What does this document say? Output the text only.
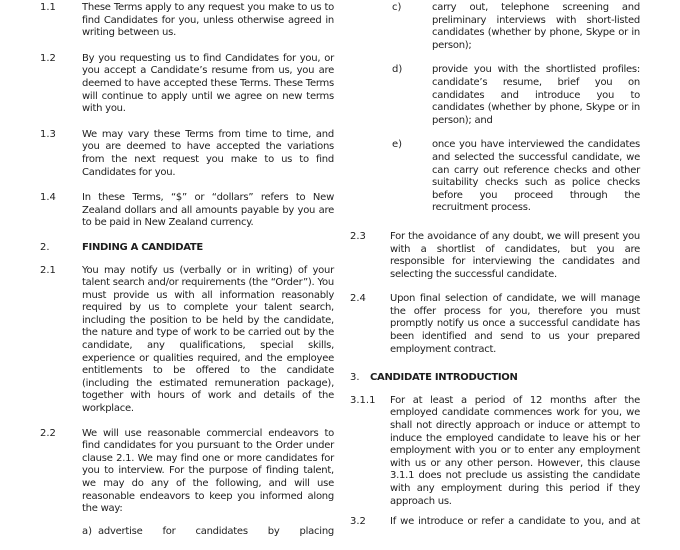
1.1	These Terms apply to any request you make to us to find Candidates for you, unless otherwise agreed in writing between us.
1.2	By you requesting us to find Candidates for you, or you accept a Candidate’s resume from us, you are deemed to have accepted these Terms. These Terms will continue to apply until we agree on new terms with you.
1.3	We may vary these Terms from time to time, and you are deemed to have accepted the variations from the next request you make to us to find Candidates for you.
1.4	In these Terms, “$” or “dollars” refers to New Zealand dollars and all amounts payable by you are to be paid in New Zealand currency.
2.	FINDING A CANDIDATE
2.1	You may notify us (verbally or in writing) of your talent search and/or requirements (the “Order”). You must provide us with all information reasonably required by us to complete your talent search, including the position to be held by the candidate, the nature and type of work to be carried out by the candidate, any qualifications, special skills, experience or qualities required, and the employee entitlements to be offered to the candidate (including the estimated remuneration package), together with hours of work and details of the workplace.
2.2	We will use reasonable commercial endeavors to find candidates for you pursuant to the Order under clause 2.1. We may find one or more candidates for you to interview. For the purpose of finding talent, we may do any of the following, and will use reasonable endeavors to keep you informed along the way:
a) advertise for candidates by placing
c)	carry out, telephone screening and preliminary interviews with short-listed candidates (whether by phone, Skype or in person);
d)	provide you with the shortlisted profiles: candidate’s resume, brief you on candidates and introduce you to candidates (whether by phone, Skype or in person); and
e)	once you have interviewed the candidates and selected the successful candidate, we can carry out reference checks and other suitability checks such as police checks before you proceed through the recruitment process.
2.3	For the avoidance of any doubt, we will present you with a shortlist of candidates, but you are responsible for interviewing the candidates and selecting the successful candidate.
2.4	Upon final selection of candidate, we will manage the offer process for you, therefore you must promptly notify us once a successful candidate has been identified and send to us your prepared employment contract.
3.	CANDIDATE INTRODUCTION
3.1.1	For at least a period of 12 months after the employed candidate commences work for you, we shall not directly approach or induce or attempt to induce the employed candidate to leave his or her employment with you or to enter any employment with us or any other person. However, this clause 3.1.1 does not preclude us assisting the candidate with any employment during this period if they approach us.
3.2	If we introduce or refer a candidate to you, and at
